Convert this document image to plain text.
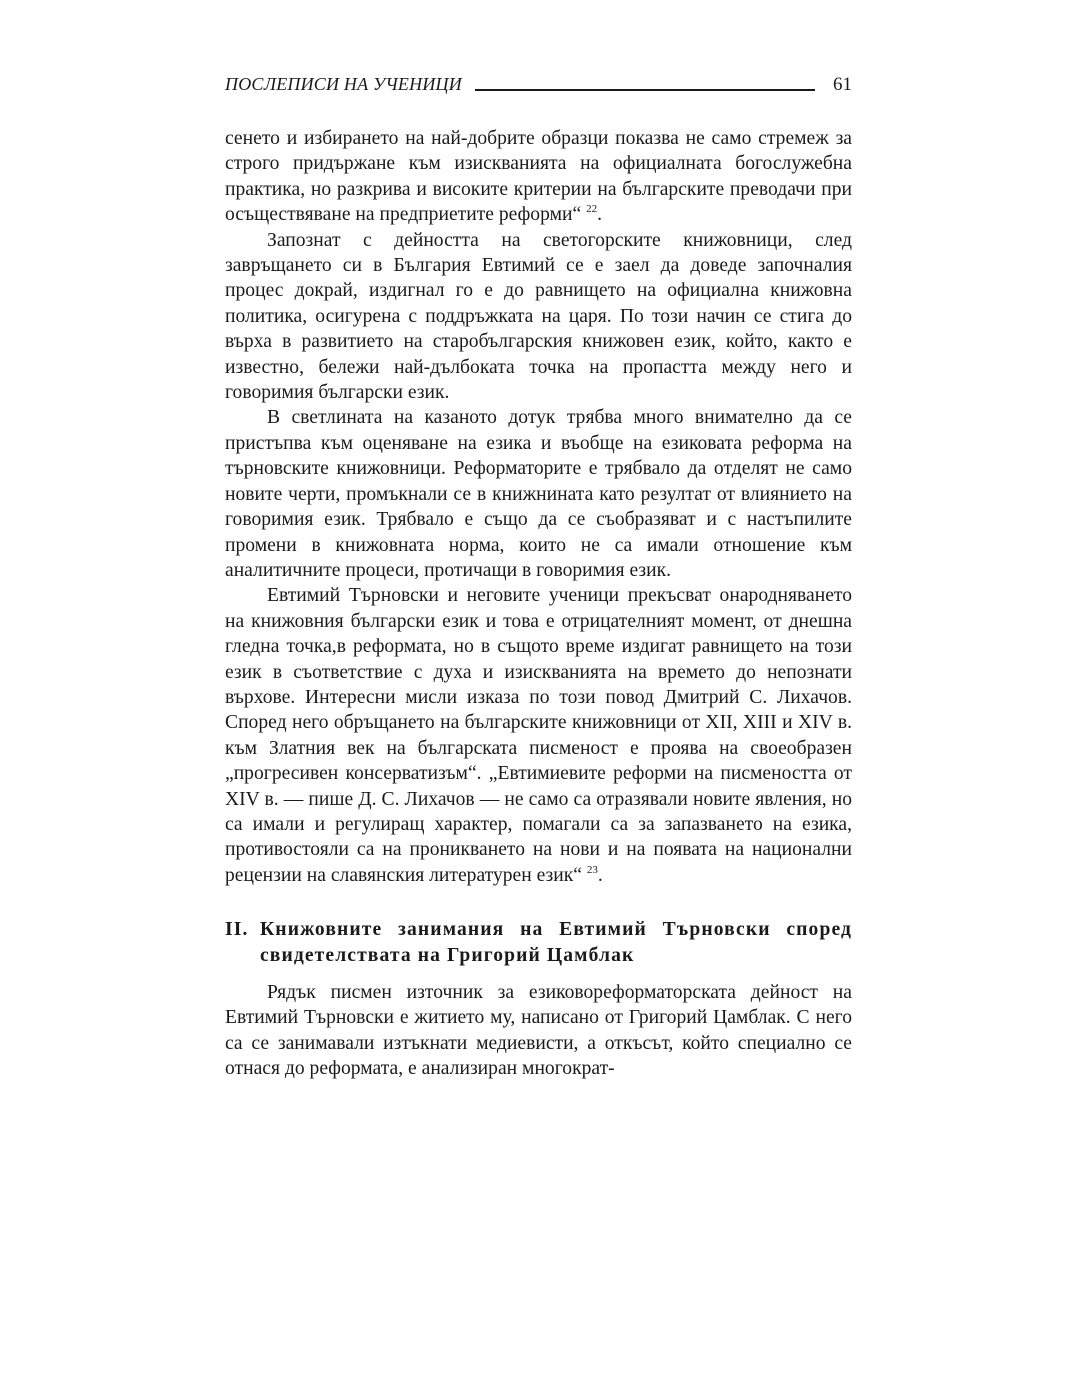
ПОСЛЕПИСИ НА УЧЕНИЦИ	61

сенето и избирането на най-добрите образци показва не само стремеж за строго придържане към изискванията на официалната богослужебна практика, но разкрива и високите критерии на българските преводачи при осъществяване на предприетите реформи“ $^{22}$.

Запознат с дейността на светогорските книжовници, след завръщането си в България Евтимий се е заел да доведе започналия процес докрай, издигнал го е до равнището на официална книжовна политика, осигурена с поддръжката на царя. По този начин се стига до върха в развитието на старобългарския книжовен език, който, както е известно, бележи най-дълбоката точка на пропастта между него и говоримия български език.

В светлината на казаното дотук трябва много внимателно да се пристъпва към оценяване на езика и въобще на езиковата реформа на търновските книжовници. Реформаторите е трябвало да отделят не само новите черти, промъкнали се в книжнината като резултат от влиянието на говоримия език. Трябвало е също да се съобразяват и с настъпилите промени в книжовната норма, които не са имали отношение към аналитичните процеси, протичащи в говоримия език.

Евтимий Търновски и неговите ученици прекъсват онародняването на книжовния български език и това е отрицателният момент, от днешна гледна точка,в реформата, но в същото време издигат равнището на този език в съответствие с духа и изискванията на времето до непознати върхове. Интересни мисли изказа по този повод Дмитрий С. Лихачов. Според него обръщането на българските книжовници от XII, XIII и XIV в. към Златния век на българската писменост е проява на своеобразен „прогресивен консерватизъм“. „Евтимиевите реформи на писмеността от XIV в. — пише Д. С. Лихачов — не само са отразявали новите явления, но са имали и регулиращ характер, помагали са за запазването на езика, противостояли са на проникването на нови и на появата на национални рецензии на славянския литературен език“ $^{23}$.

II. Книжовните занимания на Евтимий Търновски според свидетелствата на Григорий Цамблак

Рядък писмен източник за езиковореформаторската дейност на Евтимий Търновски е житието му, написано от Григорий Цамблак. С него са се занимавали изтъкнати медиевисти, а откъсът, който специално се отнася до реформата, е анализиран многократ-
